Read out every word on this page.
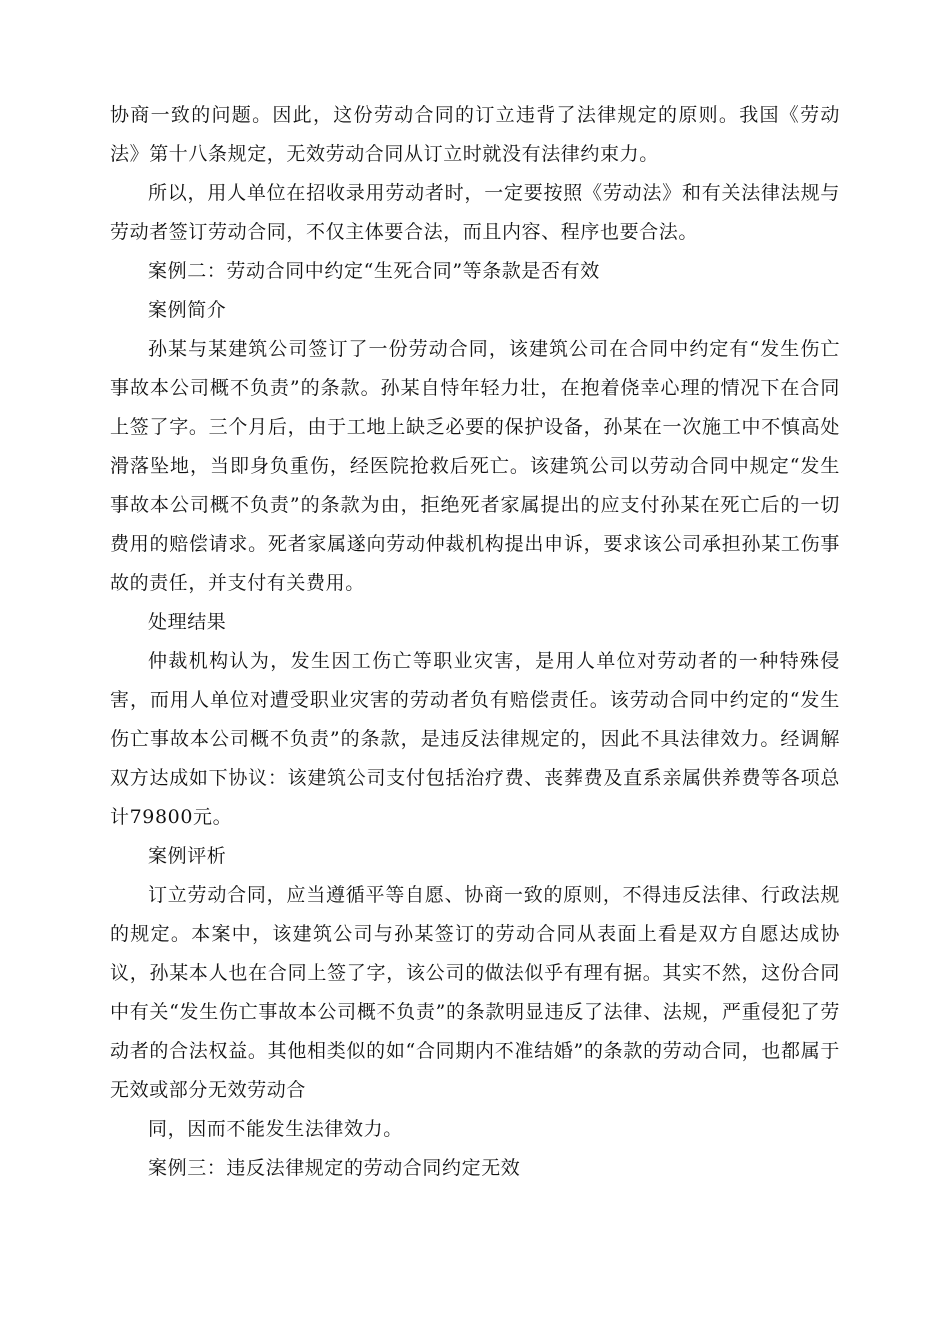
协商一致的问题。因此，这份劳动合同的订立违背了法律规定的原则。我国《劳动法》第十八条规定，无效劳动合同从订立时就没有法律约束力。

所以，用人单位在招收录用劳动者时，一定要按照《劳动法》和有关法律法规与劳动者签订劳动合同，不仅主体要合法，而且内容、程序也要合法。

案例二：劳动合同中约定“生死合同”等条款是否有效

案例简介

孙某与某建筑公司签订了一份劳动合同，该建筑公司在合同中约定有“发生伤亡事故本公司概不负责”的条款。孙某自恃年轻力壮，在抱着侥幸心理的情况下在合同上签了字。三个月后，由于工地上缺乏必要的保护设备，孙某在一次施工中不慎高处滑落坠地，当即身负重伤，经医院抢救后死亡。该建筑公司以劳动合同中规定“发生事故本公司概不负责”的条款为由，拒绝死者家属提出的应支付孙某在死亡后的一切费用的赔偿请求。死者家属遂向劳动仲裁机构提出申诉，要求该公司承担孙某工伤事故的责任，并支付有关费用。

处理结果

仲裁机构认为，发生因工伤亡等职业灾害，是用人单位对劳动者的一种特殊侵害，而用人单位对遭受职业灾害的劳动者负有赔偿责任。该劳动合同中约定的“发生伤亡事故本公司概不负责”的条款，是违反法律规定的，因此不具法律效力。经调解双方达成如下协议：该建筑公司支付包括治疗费、丧葬费及直系亲属供养费等各项总计79800元。

案例评析

订立劳动合同，应当遵循平等自愿、协商一致的原则，不得违反法律、行政法规的规定。本案中，该建筑公司与孙某签订的劳动合同从表面上看是双方自愿达成协议，孙某本人也在合同上签了字，该公司的做法似乎有理有据。其实不然，这份合同中有关“发生伤亡事故本公司概不负责”的条款明显违反了法律、法规，严重侵犯了劳动者的合法权益。其他相类似的如“合同期内不准结婚”的条款的劳动合同，也都属于无效或部分无效劳动合

同，因而不能发生法律效力。

案例三：违反法律规定的劳动合同约定无效
